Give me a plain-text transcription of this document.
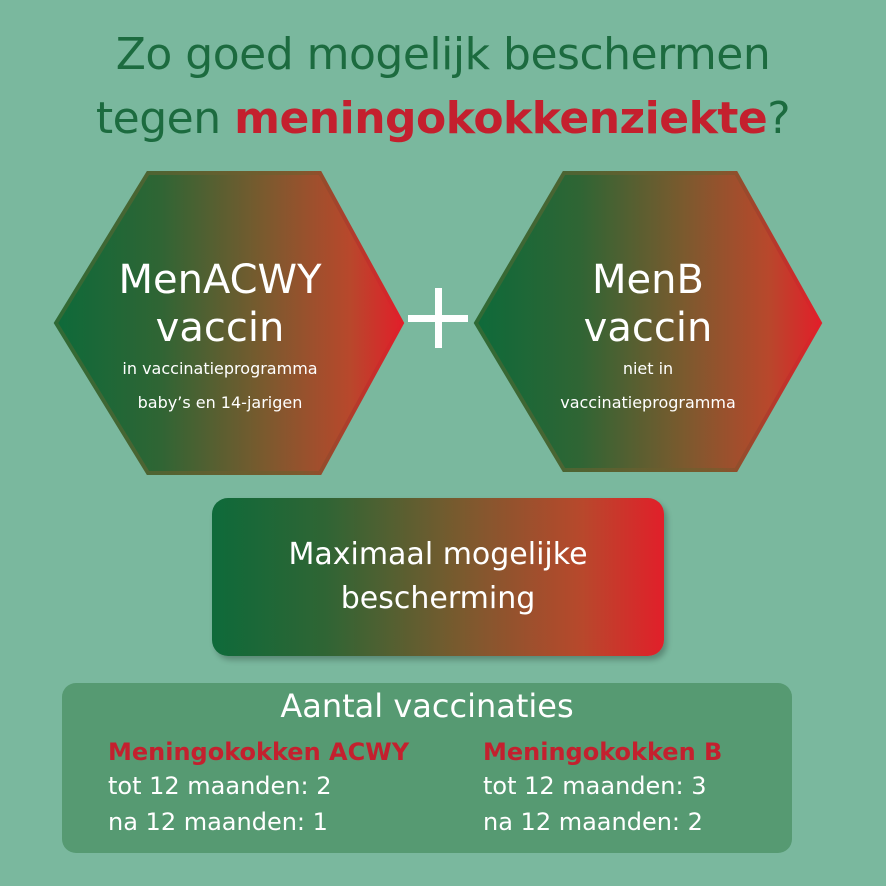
Zo goed mogelijk beschermen
tegen meningokokkenziekte?
MenACWY
vaccin
in vaccinatieprogramma
baby’s en 14-jarigen
MenB
vaccin
niet in
vaccinatieprogramma
Maximaal mogelijke
bescherming
Aantal vaccinaties
Meningokokken ACWY
tot 12 maanden: 2
na 12 maanden: 1
Meningokokken B
tot 12 maanden: 3
na 12 maanden: 2
